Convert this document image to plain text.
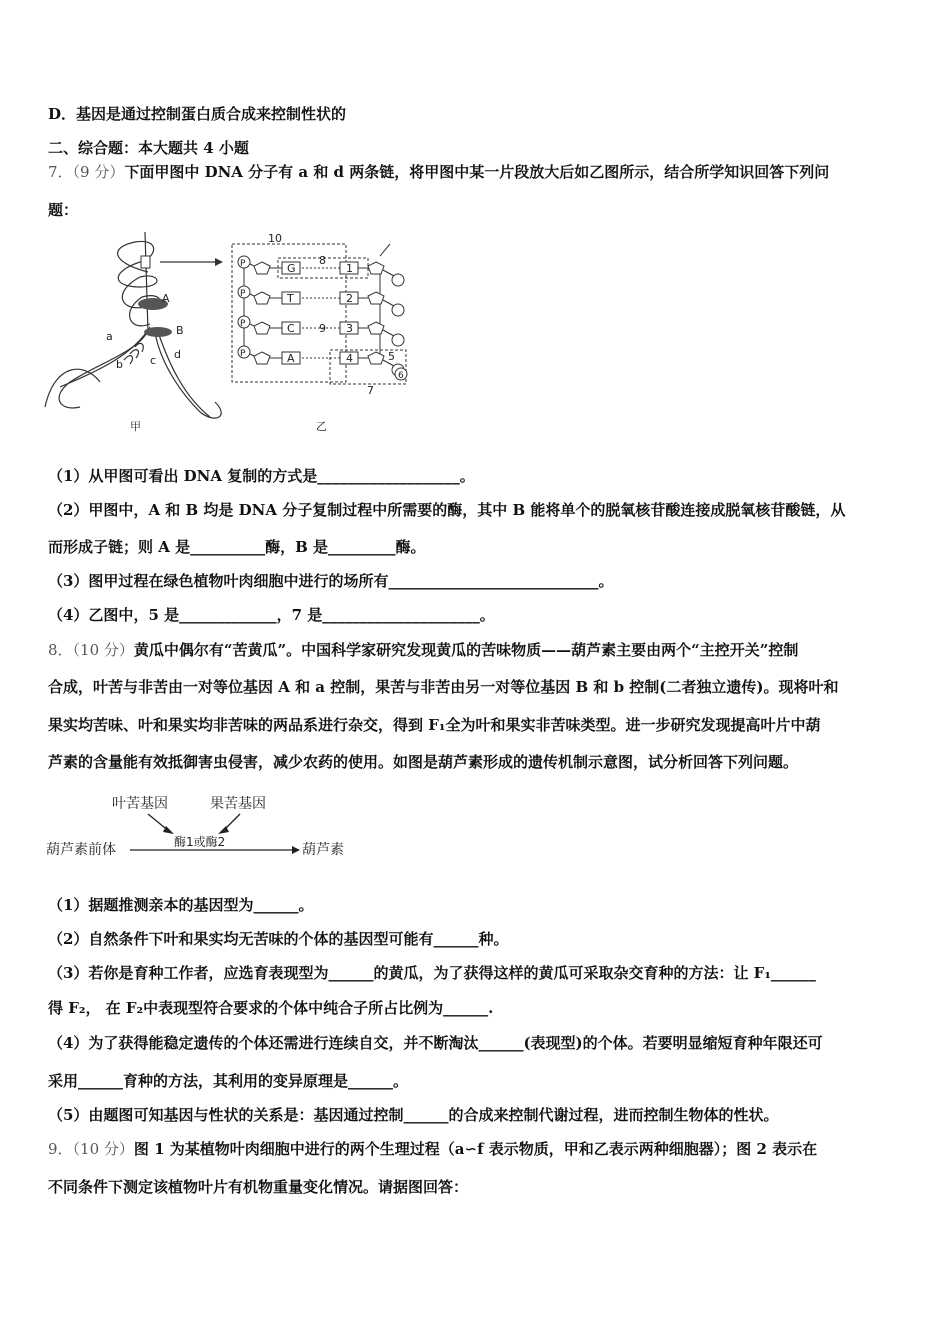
D．基因是通过控制蛋白质合成来控制性状的
二、综合题：本大题共 4 小题
7．（9 分）下面甲图中 DNA 分子有 a 和 d 两条链，将甲图中某一片段放大后如乙图所示，结合所学知识回答下列问
题：
A
B
a
b c d
甲	乙
10
8
9
7
P	G	1
P	T	2
P	C	3
P	A	4	5
6
（1）从甲图可看出 DNA 复制的方式是___________________。
（2）甲图中，A 和 B 均是 DNA 分子复制过程中所需要的酶，其中 B 能将单个的脱氧核苷酸连接成脱氧核苷酸链，从
而形成子链；则 A 是__________酶，B 是_________酶。
（3）图甲过程在绿色植物叶肉细胞中进行的场所有____________________________。
（4）乙图中，5 是_____________，7 是_____________________。
8．（10 分）黄瓜中偶尔有“苦黄瓜”。中国科学家研究发现黄瓜的苦味物质——葫芦素主要由两个“主控开关”控制
合成，叶苦与非苦由一对等位基因 A 和 a 控制，果苦与非苦由另一对等位基因 B 和 b 控制(二者独立遗传)。现将叶和
果实均苦味、叶和果实均非苦味的两品系进行杂交，得到 F₁全为叶和果实非苦味类型。进一步研究发现提高叶片中葫
芦素的含量能有效抵御害虫侵害，减少农药的使用。如图是葫芦素形成的遗传机制示意图，试分析回答下列问题。
叶苦基因	果苦基因
葫芦素前体	葫芦素
酶1或酶2
（1）据题推测亲本的基因型为______。
（2）自然条件下叶和果实均无苦味的个体的基因型可能有______种。
（3）若你是育种工作者，应选育表现型为______的黄瓜，为了获得这样的黄瓜可采取杂交育种的方法：让 F₁______
得 F₂， 在 F₂中表现型符合要求的个体中纯合子所占比例为______.
（4）为了获得能稳定遗传的个体还需进行连续自交，并不断淘汰______(表现型)的个体。若要明显缩短育种年限还可
采用______育种的方法，其利用的变异原理是______。
（5）由题图可知基因与性状的关系是：基因通过控制______的合成来控制代谢过程，进而控制生物体的性状。
9．（10 分）图 1 为某植物叶肉细胞中进行的两个生理过程（a∽f 表示物质，甲和乙表示两种细胞器）；图 2 表示在
不同条件下测定该植物叶片有机物重量变化情况。请据图回答：
